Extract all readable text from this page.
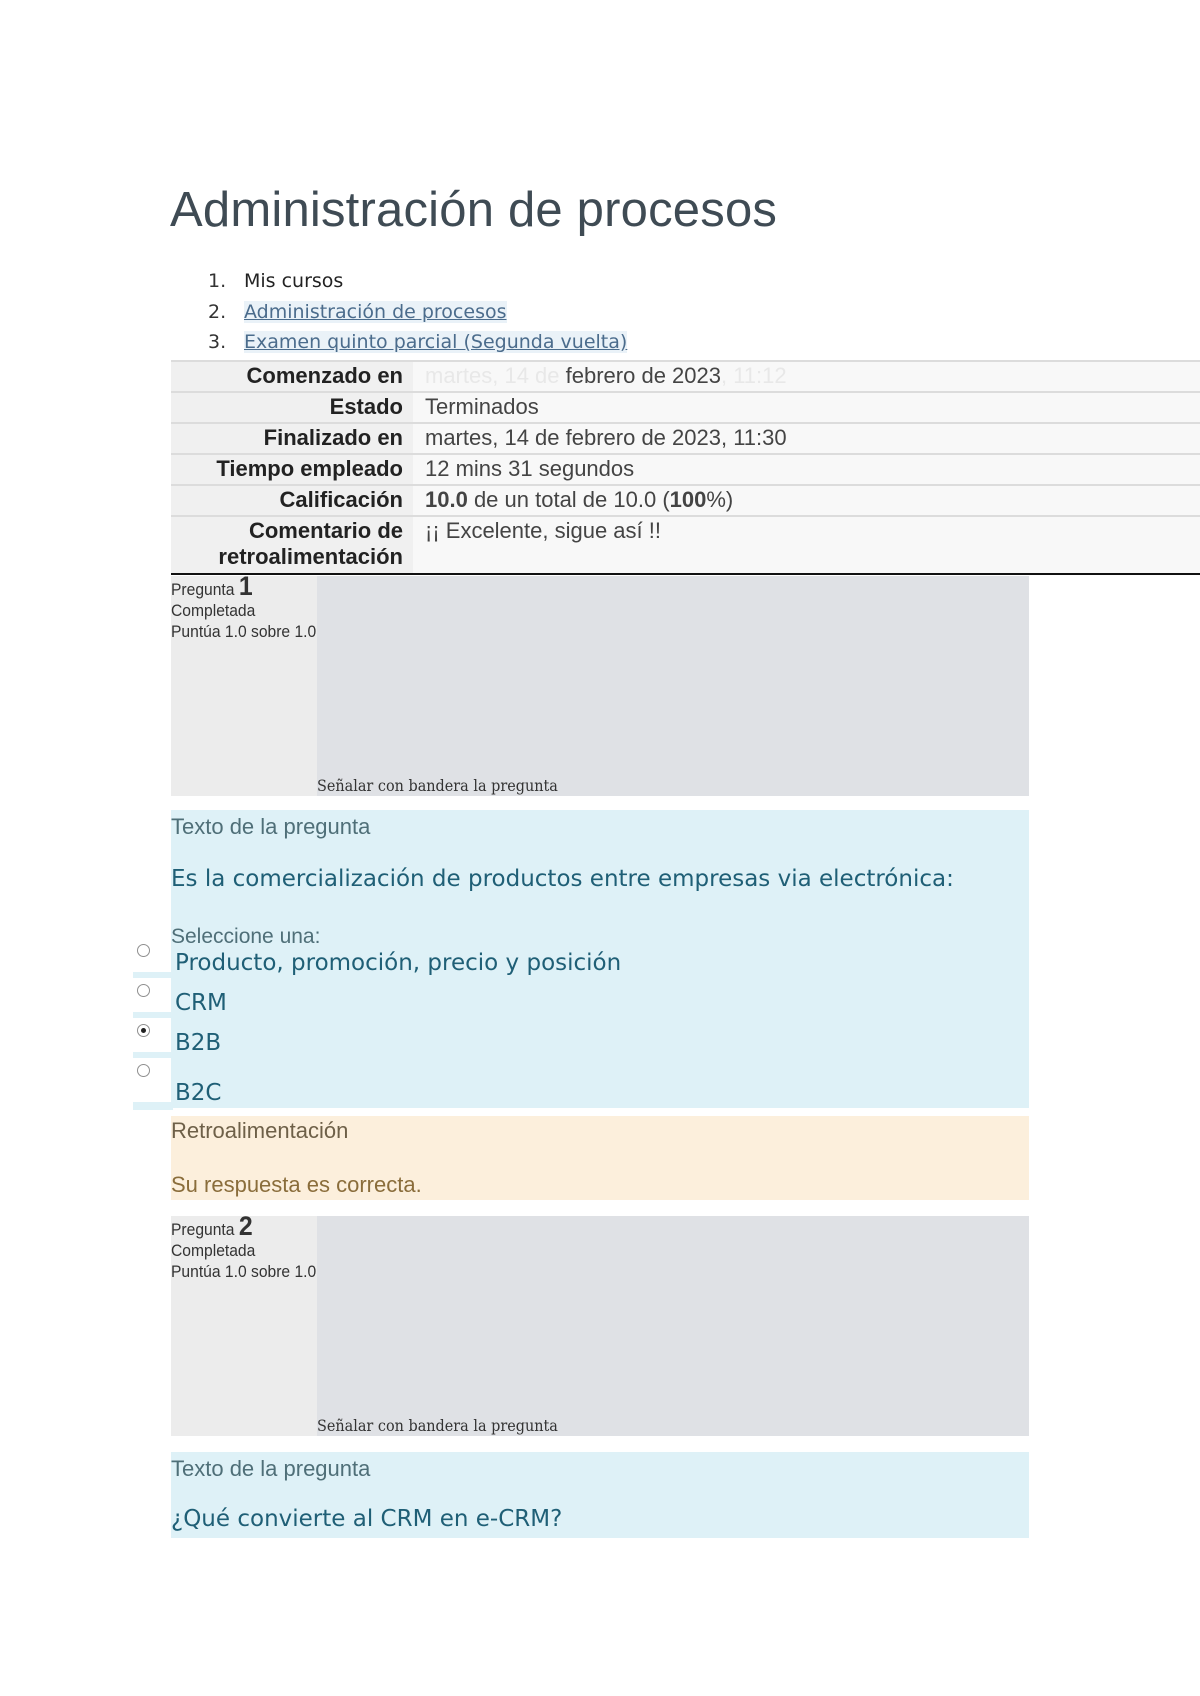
Administración de procesos
1. Mis cursos
2. Administración de procesos
3. Examen quinto parcial (Segunda vuelta)
Comenzado en	martes, 14 de febrero de 2023, 11:12
Estado	Terminados
Finalizado en	martes, 14 de febrero de 2023, 11:30
Tiempo empleado	12 mins 31 segundos
Calificación	10.0 de un total de 10.0 (100%)
Comentario de
retroalimentación	¡¡ Excelente, sigue así !!
Pregunta 1
Completada
Puntúa 1.0 sobre 1.0
Señalar con bandera la pregunta
Texto de la pregunta
Es la comercialización de productos entre empresas via electrónica:
Seleccione una:
Producto, promoción, precio y posición
CRM
B2B
B2C
Retroalimentación
Su respuesta es correcta.
Pregunta 2
Completada
Puntúa 1.0 sobre 1.0
Señalar con bandera la pregunta
Texto de la pregunta
¿Qué convierte al CRM en e-CRM?
